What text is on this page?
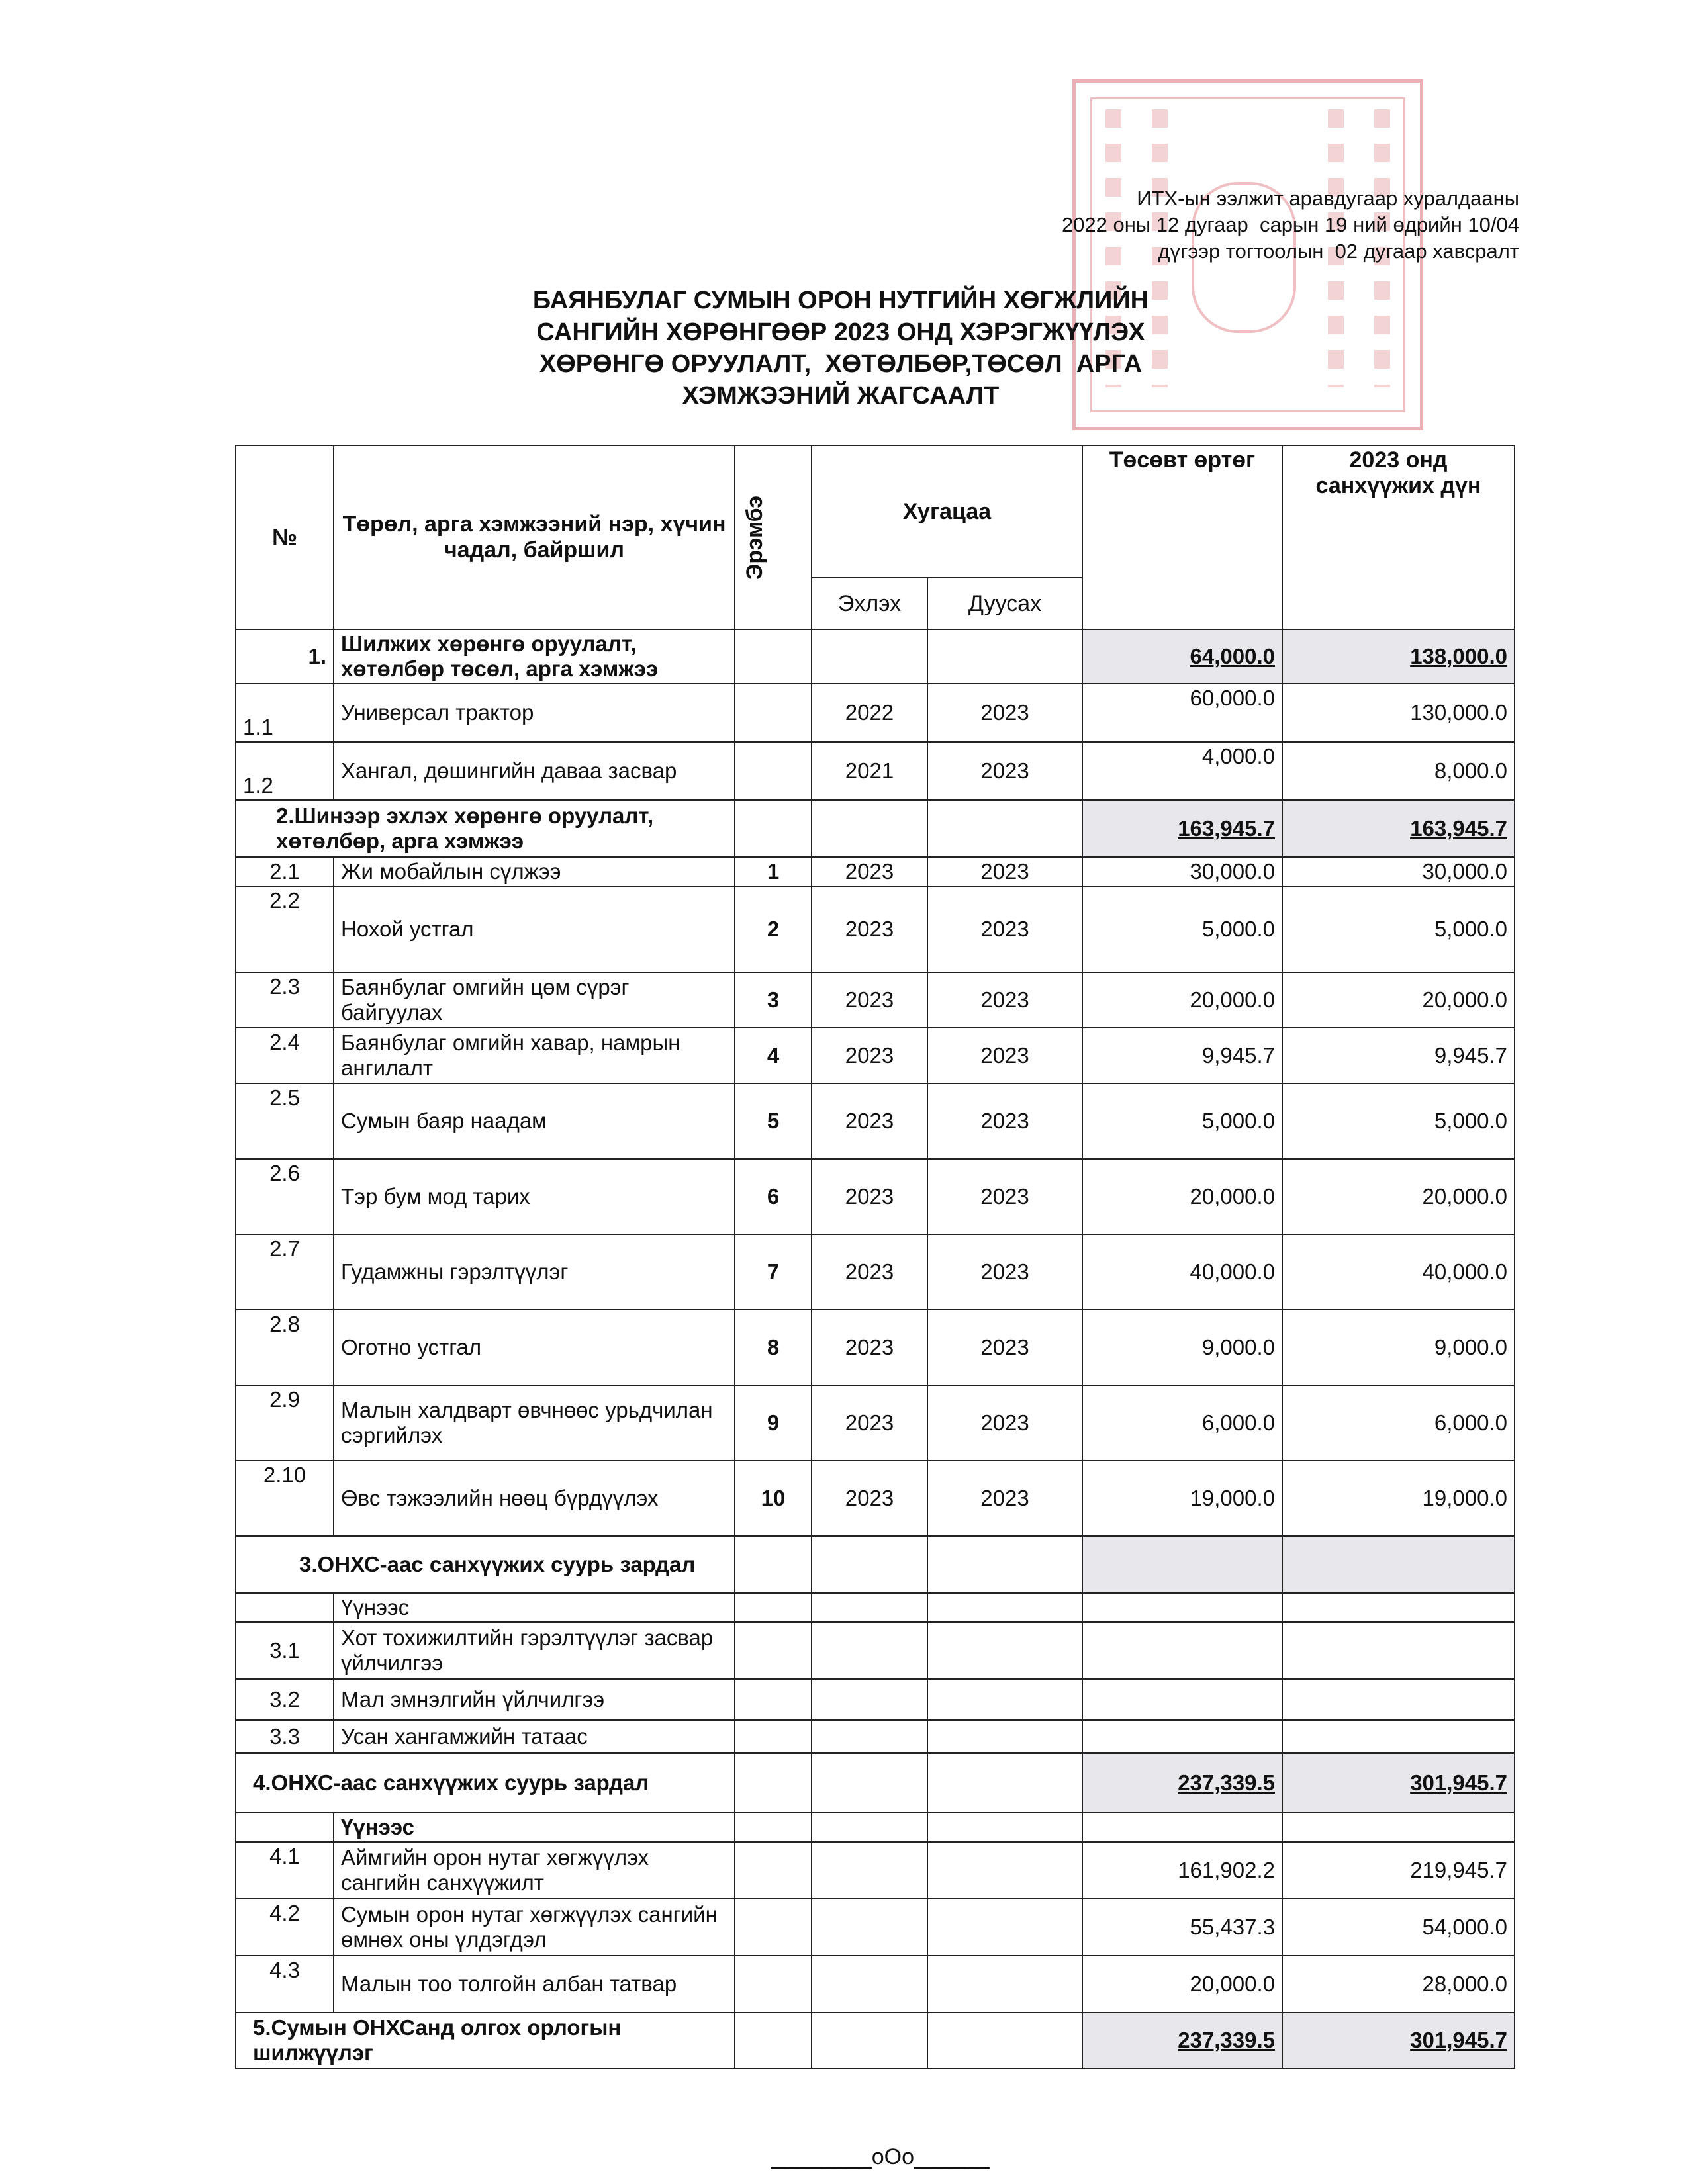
ИТХ-ын ээлжит аравдугаар хуралдааны
2022 оны 12 дугаар  сарын 19 ний өдрийн 10/04
дүгээр тогтоолын  02 дугаар хавсралт
БАЯНБУЛАГ СУМЫН ОРОН НУТГИЙН ХӨГЖЛИЙН
САНГИЙН ХӨРӨНГӨӨР 2023 ОНД ХЭРЭГЖҮҮЛЭХ
ХӨРӨНГӨ ОРУУЛАЛТ,  ХӨТӨЛБӨР,ТӨСӨЛ  АРГА
ХЭМЖЭЭНИЙ ЖАГСААЛТ
№	Төрөл, арга хэмжээний нэр, хүчин чадал, байршил	Эрэмбэ	Хугацаа		Төсөвт өртөг	2023 онд санхүүжих дүн
			Эхлэх	Дуусах		
1.	Шилжих хөрөнгө оруулалт, хөтөлбөр төсөл, арга хэмжээ				64,000.0	138,000.0
1.1	Универсал трактор		2022	2023	60,000.0	130,000.0
1.2	Хангал, дөшингийн даваа засвар		2021	2023	4,000.0	8,000.0
2.Шинээр эхлэх хөрөнгө оруулалт, хөтөлбөр, арга хэмжээ					163,945.7	163,945.7
2.1	Жи мобайлын сүлжээ	1	2023	2023	30,000.0	30,000.0
2.2	Нохой устгал	2	2023	2023	5,000.0	5,000.0
2.3	Баянбулаг омгийн цөм сүрэг байгуулах	3	2023	2023	20,000.0	20,000.0
2.4	Баянбулаг омгийн хавар, намрын ангилалт	4	2023	2023	9,945.7	9,945.7
2.5	Сумын баяр наадам	5	2023	2023	5,000.0	5,000.0
2.6	Тэр бум мод тарих	6	2023	2023	20,000.0	20,000.0
2.7	Гудамжны гэрэлтүүлэг	7	2023	2023	40,000.0	40,000.0
2.8	Оготно устгал	8	2023	2023	9,000.0	9,000.0
2.9	Малын халдварт өвчнөөс урьдчилан сэргийлэх	9	2023	2023	6,000.0	6,000.0
2.10	Өвс тэжээлийн нөөц бүрдүүлэх	10	2023	2023	19,000.0	19,000.0
3.ОНХС-аас санхүүжих суурь зардал						
	Үүнээс					
3.1	Хот тохижилтийн гэрэлтүүлэг засвар үйлчилгээ					
3.2	Мал эмнэлгийн үйлчилгээ					
3.3	Усан хангамжийн татаас					
4.ОНХС-аас санхүүжих суурь зардал					237,339.5	301,945.7
	Үүнээс					
4.1	Аймгийн орон нутаг хөгжүүлэх сангийн санхүүжилт				161,902.2	219,945.7
4.2	Сумын орон нутаг хөгжүүлэх сангийн өмнөх оны үлдэгдэл				55,437.3	54,000.0
4.3	Малын тоо толгойн албан татвар				20,000.0	28,000.0
5.Сумын ОНХСанд олгох орлогын шилжүүлэг					237,339.5	301,945.7
________oOo______
